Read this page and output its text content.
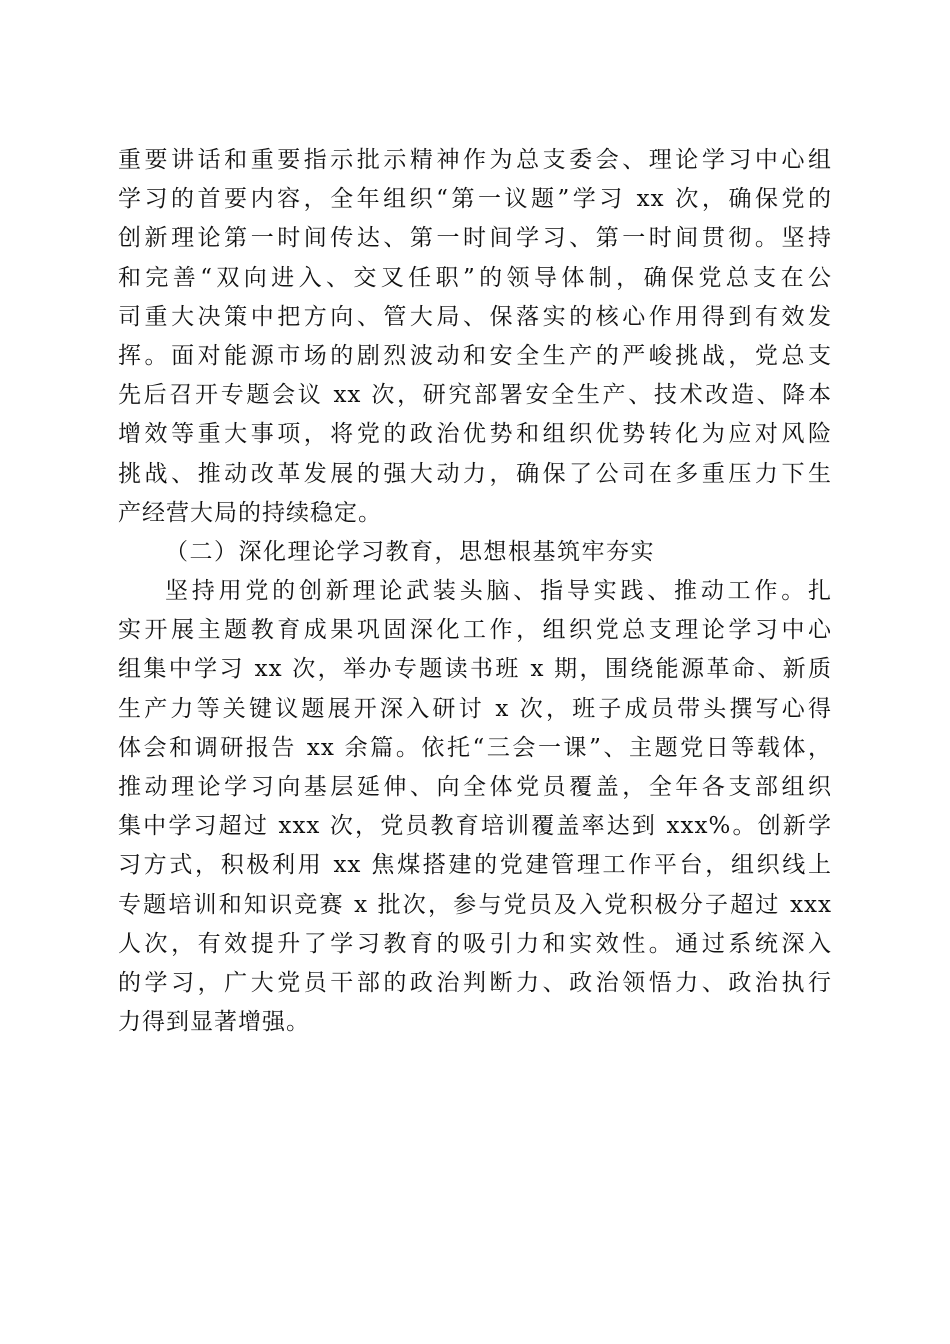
重要讲话和重要指示批示精神作为总支委会、理论学习中心组
学习的首要内容，全年组织“第一议题”学习 xx 次，确保党的
创新理论第一时间传达、第一时间学习、第一时间贯彻。坚持
和完善“双向进入、交叉任职”的领导体制，确保党总支在公
司重大决策中把方向、管大局、保落实的核心作用得到有效发
挥。面对能源市场的剧烈波动和安全生产的严峻挑战，党总支
先后召开专题会议 xx 次，研究部署安全生产、技术改造、降本
增效等重大事项，将党的政治优势和组织优势转化为应对风险
挑战、推动改革发展的强大动力，确保了公司在多重压力下生
产经营大局的持续稳定。
（二）深化理论学习教育，思想根基筑牢夯实
坚持用党的创新理论武装头脑、指导实践、推动工作。扎
实开展主题教育成果巩固深化工作，组织党总支理论学习中心
组集中学习 xx 次，举办专题读书班 x 期，围绕能源革命、新质
生产力等关键议题展开深入研讨 x 次，班子成员带头撰写心得
体会和调研报告 xx 余篇。依托“三会一课”、主题党日等载体，
推动理论学习向基层延伸、向全体党员覆盖，全年各支部组织
集中学习超过 xxx 次，党员教育培训覆盖率达到 xxx%。创新学
习方式，积极利用 xx 焦煤搭建的党建管理工作平台，组织线上
专题培训和知识竞赛 x 批次，参与党员及入党积极分子超过 xxx
人次，有效提升了学习教育的吸引力和实效性。通过系统深入
的学习，广大党员干部的政治判断力、政治领悟力、政治执行
力得到显著增强。
